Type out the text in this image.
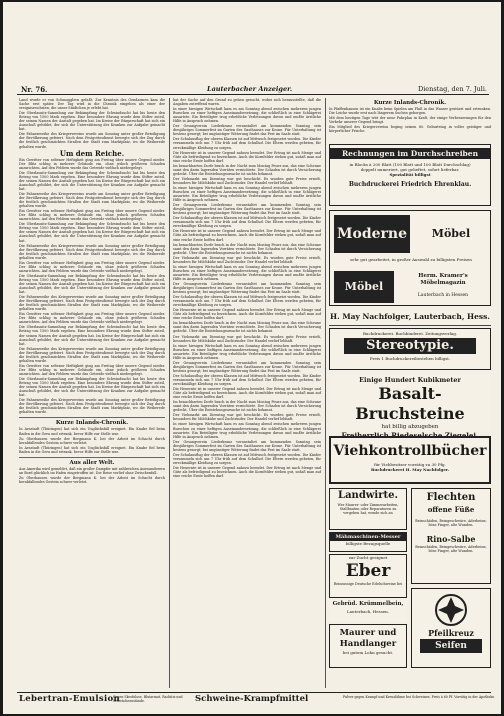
Nr. 76.	Lauterbacher Anzeiger.	Dienstag, den 7. Juli.
Land wurde er von Schmugglern gefaßt. Zur Kenntnis des Gendarmen kam die Sache erst später. Der Tag wird in die Chronik eingehen als einer der ereignisreichsten, die unser Städtchen je erlebt hat.
Die Oberlausitz-Sammlung zur Bekämpfung der Schwindsucht hat bis heute den Betrag von 1500 Mark ergeben. Eine besondere Ehrung wurde dem Stifter zuteil, der seinen Namen der Anstalt gegeben hat. Im Kreise der Bürgerschaft hat sich ein Ausschuß gebildet, der sich die Unterstützung der Kranken zur Aufgabe gemacht hat.
Die Fahnenweihe des Kriegervereins wurde am Sonntag unter großer Beteiligung der Bevölkerung gefeiert. Nach dem Festgottesdienst bewegte sich der Zug durch die festlich geschmückten Straßen der Stadt zum Marktplatz, wo die Weiherede gehalten wurde.
Um dem Reiche.
Ein Gewitter von seltener Heftigkeit ging am Freitag über unsere Gegend nieder. Der Blitz schlug in mehrere Gebäude ein, ohne jedoch größeren Schaden anzurichten. Auf den Feldern wurde das Getreide vielfach niedergelegt.
Die Oberlausitz-Sammlung zur Bekämpfung der Schwindsucht hat bis heute den Betrag von 1500 Mark ergeben. Eine besondere Ehrung wurde dem Stifter zuteil, der seinen Namen der Anstalt gegeben hat. Im Kreise der Bürgerschaft hat sich ein Ausschuß gebildet, der sich die Unterstützung der Kranken zur Aufgabe gemacht hat.
Die Fahnenweihe des Kriegervereins wurde am Sonntag unter großer Beteiligung der Bevölkerung gefeiert. Nach dem Festgottesdienst bewegte sich der Zug durch die festlich geschmückten Straßen der Stadt zum Marktplatz, wo die Weiherede gehalten wurde.
Ein Gewitter von seltener Heftigkeit ging am Freitag über unsere Gegend nieder. Der Blitz schlug in mehrere Gebäude ein, ohne jedoch größeren Schaden anzurichten. Auf den Feldern wurde das Getreide vielfach niedergelegt.
Die Oberlausitz-Sammlung zur Bekämpfung der Schwindsucht hat bis heute den Betrag von 1500 Mark ergeben. Eine besondere Ehrung wurde dem Stifter zuteil, der seinen Namen der Anstalt gegeben hat. Im Kreise der Bürgerschaft hat sich ein Ausschuß gebildet, der sich die Unterstützung der Kranken zur Aufgabe gemacht hat.
Die Fahnenweihe des Kriegervereins wurde am Sonntag unter großer Beteiligung der Bevölkerung gefeiert. Nach dem Festgottesdienst bewegte sich der Zug durch die festlich geschmückten Straßen der Stadt zum Marktplatz, wo die Weiherede gehalten wurde.
Ein Gewitter von seltener Heftigkeit ging am Freitag über unsere Gegend nieder. Der Blitz schlug in mehrere Gebäude ein, ohne jedoch größeren Schaden anzurichten. Auf den Feldern wurde das Getreide vielfach niedergelegt.
Die Oberlausitz-Sammlung zur Bekämpfung der Schwindsucht hat bis heute den Betrag von 1500 Mark ergeben. Eine besondere Ehrung wurde dem Stifter zuteil, der seinen Namen der Anstalt gegeben hat. Im Kreise der Bürgerschaft hat sich ein Ausschuß gebildet, der sich die Unterstützung der Kranken zur Aufgabe gemacht hat.
Die Fahnenweihe des Kriegervereins wurde am Sonntag unter großer Beteiligung der Bevölkerung gefeiert. Nach dem Festgottesdienst bewegte sich der Zug durch die festlich geschmückten Straßen der Stadt zum Marktplatz, wo die Weiherede gehalten wurde.
Ein Gewitter von seltener Heftigkeit ging am Freitag über unsere Gegend nieder. Der Blitz schlug in mehrere Gebäude ein, ohne jedoch größeren Schaden anzurichten. Auf den Feldern wurde das Getreide vielfach niedergelegt.
Die Oberlausitz-Sammlung zur Bekämpfung der Schwindsucht hat bis heute den Betrag von 1500 Mark ergeben. Eine besondere Ehrung wurde dem Stifter zuteil, der seinen Namen der Anstalt gegeben hat. Im Kreise der Bürgerschaft hat sich ein Ausschuß gebildet, der sich die Unterstützung der Kranken zur Aufgabe gemacht hat.
Die Fahnenweihe des Kriegervereins wurde am Sonntag unter großer Beteiligung der Bevölkerung gefeiert. Nach dem Festgottesdienst bewegte sich der Zug durch die festlich geschmückten Straßen der Stadt zum Marktplatz, wo die Weiherede gehalten wurde.
Ein Gewitter von seltener Heftigkeit ging am Freitag über unsere Gegend nieder. Der Blitz schlug in mehrere Gebäude ein, ohne jedoch größeren Schaden anzurichten. Auf den Feldern wurde das Getreide vielfach niedergelegt.
Die Oberlausitz-Sammlung zur Bekämpfung der Schwindsucht hat bis heute den Betrag von 1500 Mark ergeben. Eine besondere Ehrung wurde dem Stifter zuteil, der seinen Namen der Anstalt gegeben hat. Im Kreise der Bürgerschaft hat sich ein Ausschuß gebildet, der sich die Unterstützung der Kranken zur Aufgabe gemacht hat.
Die Fahnenweihe des Kriegervereins wurde am Sonntag unter großer Beteiligung der Bevölkerung gefeiert. Nach dem Festgottesdienst bewegte sich der Zug durch die festlich geschmückten Straßen der Stadt zum Marktplatz, wo die Weiherede gehalten wurde.
Kurze Inlands-Chronik.
In Arnstadt (Thüringen) hat sich ein Unglücksfall ereignet. Ein Knabe fiel beim Baden in die Gera und ertrank, bevor Hilfe zur Stelle war.
Zu Oberhausen wurde der Bergmann K. bei der Arbeit im Schacht durch herabfallendes Gestein schwer verletzt.
In Arnstadt (Thüringen) hat sich ein Unglücksfall ereignet. Ein Knabe fiel beim Baden in die Gera und ertrank, bevor Hilfe zur Stelle war.
Aus aller Welt.
Aus Amerika wird gemeldet, daß ein großer Dampfer mit zahlreichen Auswanderern an Bord glücklich im Hafen eingetroffen ist. Die Reise verlief ohne Zwischenfall.
Zu Oberhausen wurde der Bergmann K. bei der Arbeit im Schacht durch herabfallendes Gestein schwer verletzt.
hat der Sache auf den Grund zu gehen gesucht, wobei sich herausstellte, daß die Angaben zutreffend waren.
In einer hiesigen Wirtschaft kam es am Sonntag abend zwischen mehreren jungen Burschen zu einer heftigen Auseinandersetzung, die schließlich in eine Schlägerei ausartete. Ein Beteiligter trug erhebliche Verletzungen davon und mußte ärztliche Hilfe in Anspruch nehmen.
Der Gesangverein Liederkranz veranstaltet am kommenden Sonntag sein diesjähriges Sommerfest im Garten des Gasthauses zur Krone. Für Unterhaltung ist bestens gesorgt; bei ungünstiger Witterung findet das Fest im Saale statt.
Der Schulausflug der oberen Klassen ist auf Mittwoch festgesetzt worden. Die Kinder versammeln sich um 7 Uhr früh auf dem Schulhof. Die Eltern werden gebeten, für zweckmäßige Kleidung zu sorgen.
Die Heuernte ist in unserer Gegend nahezu beendet. Der Ertrag ist nach Menge und Güte als befriedigend zu bezeichnen. Auch die Kornfelder stehen gut, sodaß man auf eine reiche Ernte hoffen darf.
Im benachbarten Dorfe brach in der Nacht zum Montag Feuer aus, das eine Scheune samt den darin lagernden Vorräten vernichtete. Der Schaden ist durch Versicherung gedeckt. Über die Entstehungsursache ist nichts bekannt.
Der Viehmarkt am Dienstag war gut beschickt. Es wurden gute Preise erzielt, besonders für Milchkühe und Zuchtrinder. Der Handel verlief lebhaft.
In einer hiesigen Wirtschaft kam es am Sonntag abend zwischen mehreren jungen Burschen zu einer heftigen Auseinandersetzung, die schließlich in eine Schlägerei ausartete. Ein Beteiligter trug erhebliche Verletzungen davon und mußte ärztliche Hilfe in Anspruch nehmen.
Der Gesangverein Liederkranz veranstaltet am kommenden Sonntag sein diesjähriges Sommerfest im Garten des Gasthauses zur Krone. Für Unterhaltung ist bestens gesorgt; bei ungünstiger Witterung findet das Fest im Saale statt.
Der Schulausflug der oberen Klassen ist auf Mittwoch festgesetzt worden. Die Kinder versammeln sich um 7 Uhr früh auf dem Schulhof. Die Eltern werden gebeten, für zweckmäßige Kleidung zu sorgen.
Die Heuernte ist in unserer Gegend nahezu beendet. Der Ertrag ist nach Menge und Güte als befriedigend zu bezeichnen. Auch die Kornfelder stehen gut, sodaß man auf eine reiche Ernte hoffen darf.
Im benachbarten Dorfe brach in der Nacht zum Montag Feuer aus, das eine Scheune samt den darin lagernden Vorräten vernichtete. Der Schaden ist durch Versicherung gedeckt. Über die Entstehungsursache ist nichts bekannt.
Der Viehmarkt am Dienstag war gut beschickt. Es wurden gute Preise erzielt, besonders für Milchkühe und Zuchtrinder. Der Handel verlief lebhaft.
In einer hiesigen Wirtschaft kam es am Sonntag abend zwischen mehreren jungen Burschen zu einer heftigen Auseinandersetzung, die schließlich in eine Schlägerei ausartete. Ein Beteiligter trug erhebliche Verletzungen davon und mußte ärztliche Hilfe in Anspruch nehmen.
Der Gesangverein Liederkranz veranstaltet am kommenden Sonntag sein diesjähriges Sommerfest im Garten des Gasthauses zur Krone. Für Unterhaltung ist bestens gesorgt; bei ungünstiger Witterung findet das Fest im Saale statt.
Der Schulausflug der oberen Klassen ist auf Mittwoch festgesetzt worden. Die Kinder versammeln sich um 7 Uhr früh auf dem Schulhof. Die Eltern werden gebeten, für zweckmäßige Kleidung zu sorgen.
Die Heuernte ist in unserer Gegend nahezu beendet. Der Ertrag ist nach Menge und Güte als befriedigend zu bezeichnen. Auch die Kornfelder stehen gut, sodaß man auf eine reiche Ernte hoffen darf.
Im benachbarten Dorfe brach in der Nacht zum Montag Feuer aus, das eine Scheune samt den darin lagernden Vorräten vernichtete. Der Schaden ist durch Versicherung gedeckt. Über die Entstehungsursache ist nichts bekannt.
Der Viehmarkt am Dienstag war gut beschickt. Es wurden gute Preise erzielt, besonders für Milchkühe und Zuchtrinder. Der Handel verlief lebhaft.
In einer hiesigen Wirtschaft kam es am Sonntag abend zwischen mehreren jungen Burschen zu einer heftigen Auseinandersetzung, die schließlich in eine Schlägerei ausartete. Ein Beteiligter trug erhebliche Verletzungen davon und mußte ärztliche Hilfe in Anspruch nehmen.
Der Gesangverein Liederkranz veranstaltet am kommenden Sonntag sein diesjähriges Sommerfest im Garten des Gasthauses zur Krone. Für Unterhaltung ist bestens gesorgt; bei ungünstiger Witterung findet das Fest im Saale statt.
Der Schulausflug der oberen Klassen ist auf Mittwoch festgesetzt worden. Die Kinder versammeln sich um 7 Uhr früh auf dem Schulhof. Die Eltern werden gebeten, für zweckmäßige Kleidung zu sorgen.
Die Heuernte ist in unserer Gegend nahezu beendet. Der Ertrag ist nach Menge und Güte als befriedigend zu bezeichnen. Auch die Kornfelder stehen gut, sodaß man auf eine reiche Ernte hoffen darf.
Im benachbarten Dorfe brach in der Nacht zum Montag Feuer aus, das eine Scheune samt den darin lagernden Vorräten vernichtete. Der Schaden ist durch Versicherung gedeckt. Über die Entstehungsursache ist nichts bekannt.
Der Viehmarkt am Dienstag war gut beschickt. Es wurden gute Preise erzielt, besonders für Milchkühe und Zuchtrinder. Der Handel verlief lebhaft.
In einer hiesigen Wirtschaft kam es am Sonntag abend zwischen mehreren jungen Burschen zu einer heftigen Auseinandersetzung, die schließlich in eine Schlägerei ausartete. Ein Beteiligter trug erhebliche Verletzungen davon und mußte ärztliche Hilfe in Anspruch nehmen.
Der Gesangverein Liederkranz veranstaltet am kommenden Sonntag sein diesjähriges Sommerfest im Garten des Gasthauses zur Krone. Für Unterhaltung ist bestens gesorgt; bei ungünstiger Witterung findet das Fest im Saale statt.
Der Schulausflug der oberen Klassen ist auf Mittwoch festgesetzt worden. Die Kinder versammeln sich um 7 Uhr früh auf dem Schulhof. Die Eltern werden gebeten, für zweckmäßige Kleidung zu sorgen.
Die Heuernte ist in unserer Gegend nahezu beendet. Der Ertrag ist nach Menge und Güte als befriedigend zu bezeichnen. Auch die Kornfelder stehen gut, sodaß man auf eine reiche Ernte hoffen darf.
Kurze Inlands-Chronik.
In Pfaffenhausen ist ein Knabe beim Spielen am Fluß in das Wasser gestürzt und ertrunken. Die Leiche wurde erst nach längerem Suchen geborgen.
Mit dem heutigen Tage tritt der neue Fahrplan in Kraft, der einige Verbesserungen für den Verkehr unserer Gegend bringt.
Ein Mitglied des Kriegervereins beging seinen 80. Geburtstag in voller geistiger und körperlicher Frische.
Rechnungen im Durchschreiben
in Blocks à 200 Blatt (100 Blatt und 100 Blatt Durchschlag)
doppelt numeriert, gut geheftet, sofort lieferbar.
Spezialität billigst
Buchdruckerei Friedrich Ehrenklau.
Moderne	Möbel
sehr gut gearbeitet, in großer Auswahl zu billigsten Preisen
Möbel
Herm. Kramer's Möbelmagazin
Lauterbach in Hessen
H. May Nachfolger, Lauterbach, Hess.
Buchdruckerei. Buchbinderei. Zeitungsverlag.
Stereotypie.
Preis 1 Buchdruckereibestehen billigst.
Einige Hundert Kubikmeter
Basalt-Bruchsteine
hat billig abzugeben
Viehkontrollbücher
für Viehbesitzer vorrätig zu 30 Pfg.
Buchdruckerei H. May Nachfolger.
Landwirte.
Wer Maurer- oder Zimmerarbeiten, Stallbauten oder Reparaturen zu vergeben hat, wende sich an
Mähmaschinen-Messer
billigste Bezugsquelle
zur Zucht geeignet
Eber
Reinrassige Deutsche Edelschweine bei
Gebrüd. Krümmelbein,
Lauterbach, Hessen.
Maurer und Handlanger
bei gutem Lohn gesucht.
Flechten
offene Füße
Beinschäden, Beingeschwüre, Aderbeine, böse Finger, alte Wunden.
Rino-Salbe
Beinschäden, Beingeschwüre, Aderbeine, böse Finger, alte Wunden.
Pfeilkreuz
Seifen
Lebertran-Emulsion
Gegen Skrofulose, Blutarmut, Rachitis und Schwächezustände.	Schweine-Krampfmittel	Pulver gegen Krampf und Kreuzlähme bei Schweinen. Preis à 60 Pf. Vorrätig in der Apotheke.
